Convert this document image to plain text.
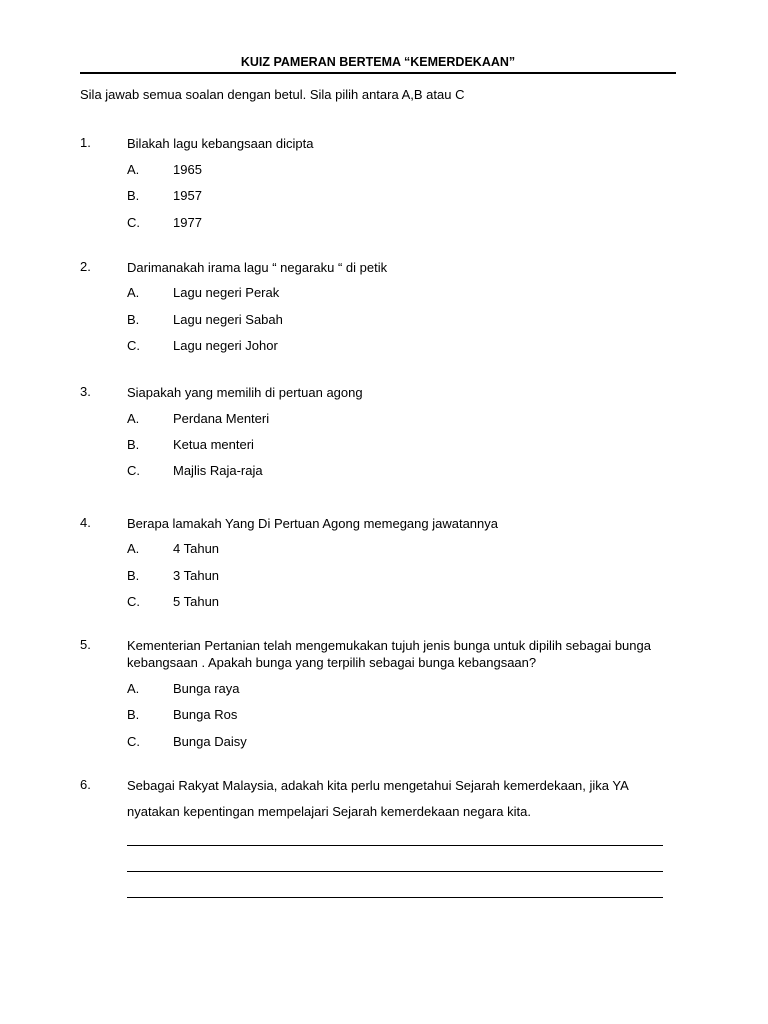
KUIZ PAMERAN BERTEMA “KEMERDEKAAN”
Sila jawab semua soalan dengan betul. Sila pilih antara A,B atau C
1.	Bilakah lagu kebangsaan dicipta
A.	1965
B.	1957
C.	1977
2.	Darimanakah irama lagu “ negaraku “ di petik
A.	Lagu negeri Perak
B.	Lagu negeri Sabah
C.	Lagu negeri Johor
3.	Siapakah yang memilih di pertuan agong
A.	Perdana Menteri
B.	Ketua menteri
C.	Majlis Raja-raja
4.	Berapa lamakah Yang Di Pertuan Agong memegang jawatannya
A.	4 Tahun
B.	3 Tahun
C.	5 Tahun
5.	Kementerian Pertanian telah mengemukakan tujuh jenis bunga untuk dipilih sebagai bunga kebangsaan . Apakah bunga yang terpilih sebagai bunga kebangsaan?
A.	Bunga raya
B.	Bunga Ros
C.	Bunga Daisy
6.	Sebagai Rakyat Malaysia, adakah kita perlu mengetahui Sejarah kemerdekaan, jika YA
nyatakan kepentingan mempelajari Sejarah kemerdekaan negara kita.
